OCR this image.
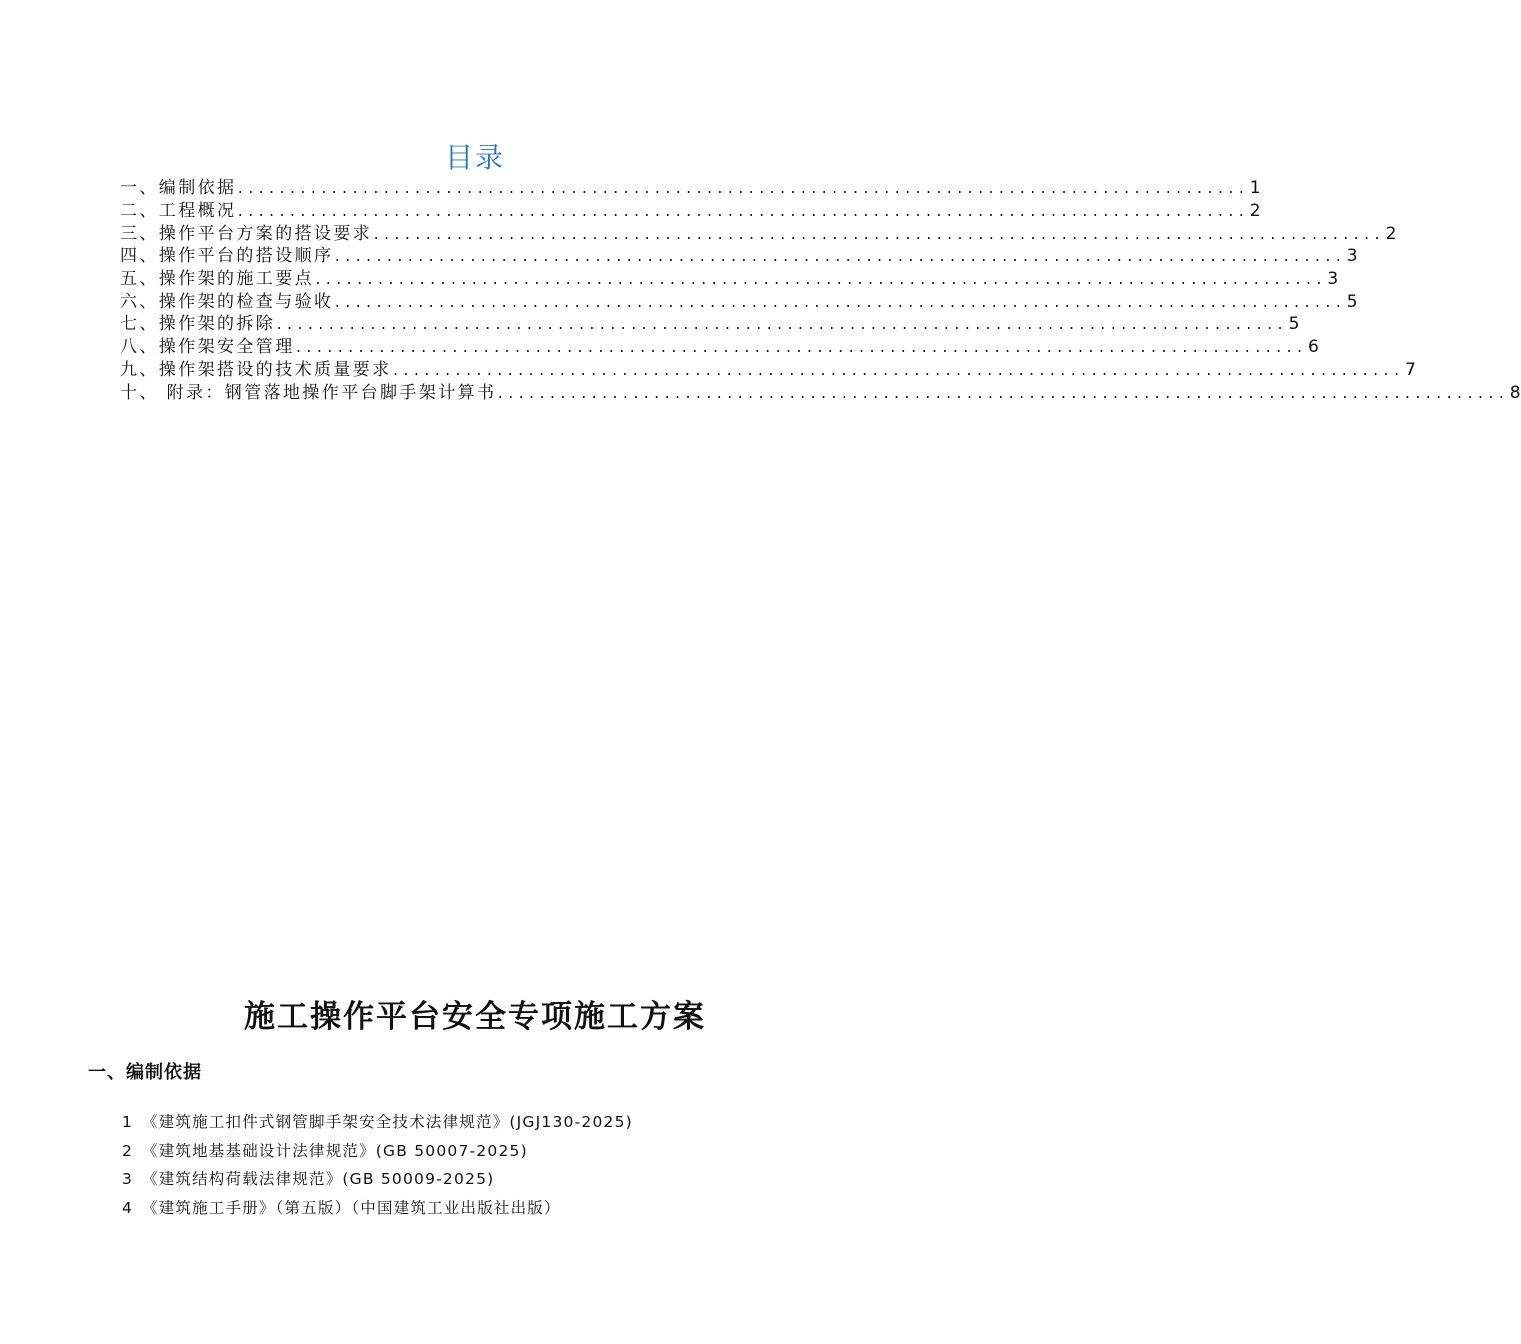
目录
一、编制依据 ................................................................................................. 1
二、工程概况 ................................................................................................. 2
三、操作平台方案的搭设要求 ................................................................................................. 2
四、操作平台的搭设顺序 ................................................................................................. 3
五、操作架的施工要点 ................................................................................................. 3
六、操作架的检查与验收 ................................................................................................. 5
七、操作架的拆除 ................................................................................................. 5
八、操作架安全管理 ................................................................................................. 6
九、操作架搭设的技术质量要求 ................................................................................................. 7
十、 附录：钢管落地操作平台脚手架计算书 ................................................................................................. 8
施工操作平台安全专项施工方案
一、编制依据
1 《建筑施工扣件式钢管脚手架安全技术法律规范》(JGJ130-2025)
2 《建筑地基基础设计法律规范》(GB 50007-2025)
3 《建筑结构荷载法律规范》(GB 50009-2025)
4 《建筑施工手册》（第五版）（中国建筑工业出版社出版）
